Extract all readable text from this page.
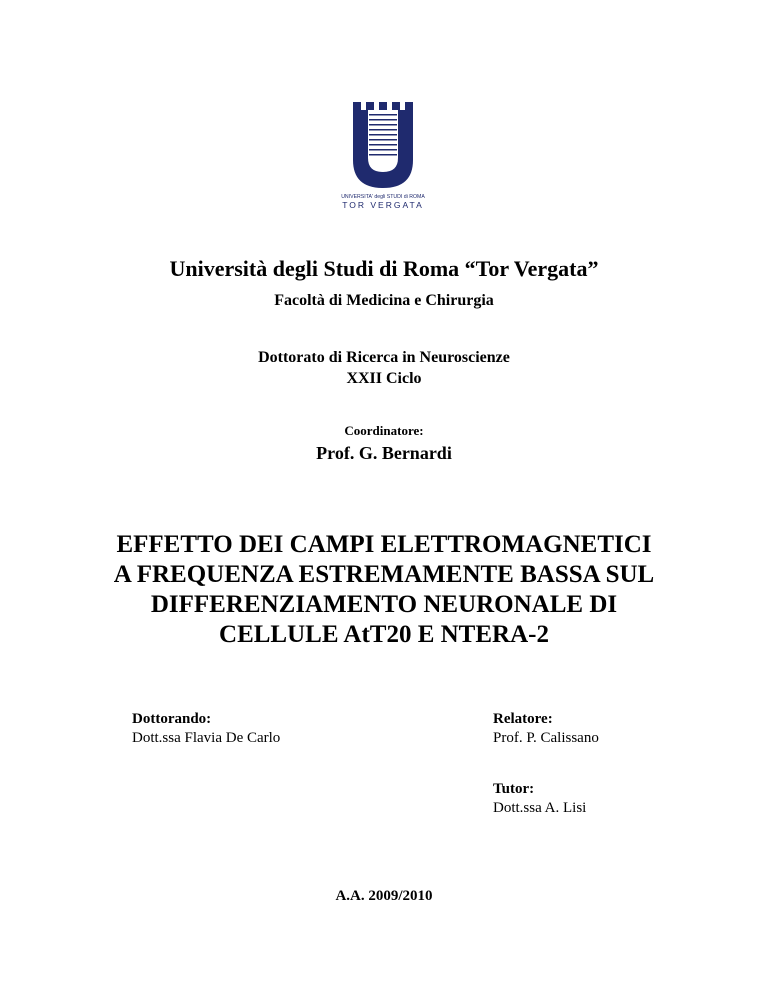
UNIVERSITA' degli STUDI di ROMA
TOR VERGATA
Università degli Studi di Roma “Tor Vergata”
Facoltà di Medicina e Chirurgia
Dottorato di Ricerca in Neuroscienze
XXII Ciclo
Coordinatore:
Prof. G. Bernardi
EFFETTO DEI CAMPI ELETTROMAGNETICI
A FREQUENZA ESTREMAMENTE BASSA SUL
DIFFERENZIAMENTO NEURONALE DI
CELLULE AtT20 E NTERA-2
Dottorando:
Dott.ssa Flavia De Carlo
Relatore:
Prof. P. Calissano
Tutor:
Dott.ssa A. Lisi
A.A. 2009/2010
